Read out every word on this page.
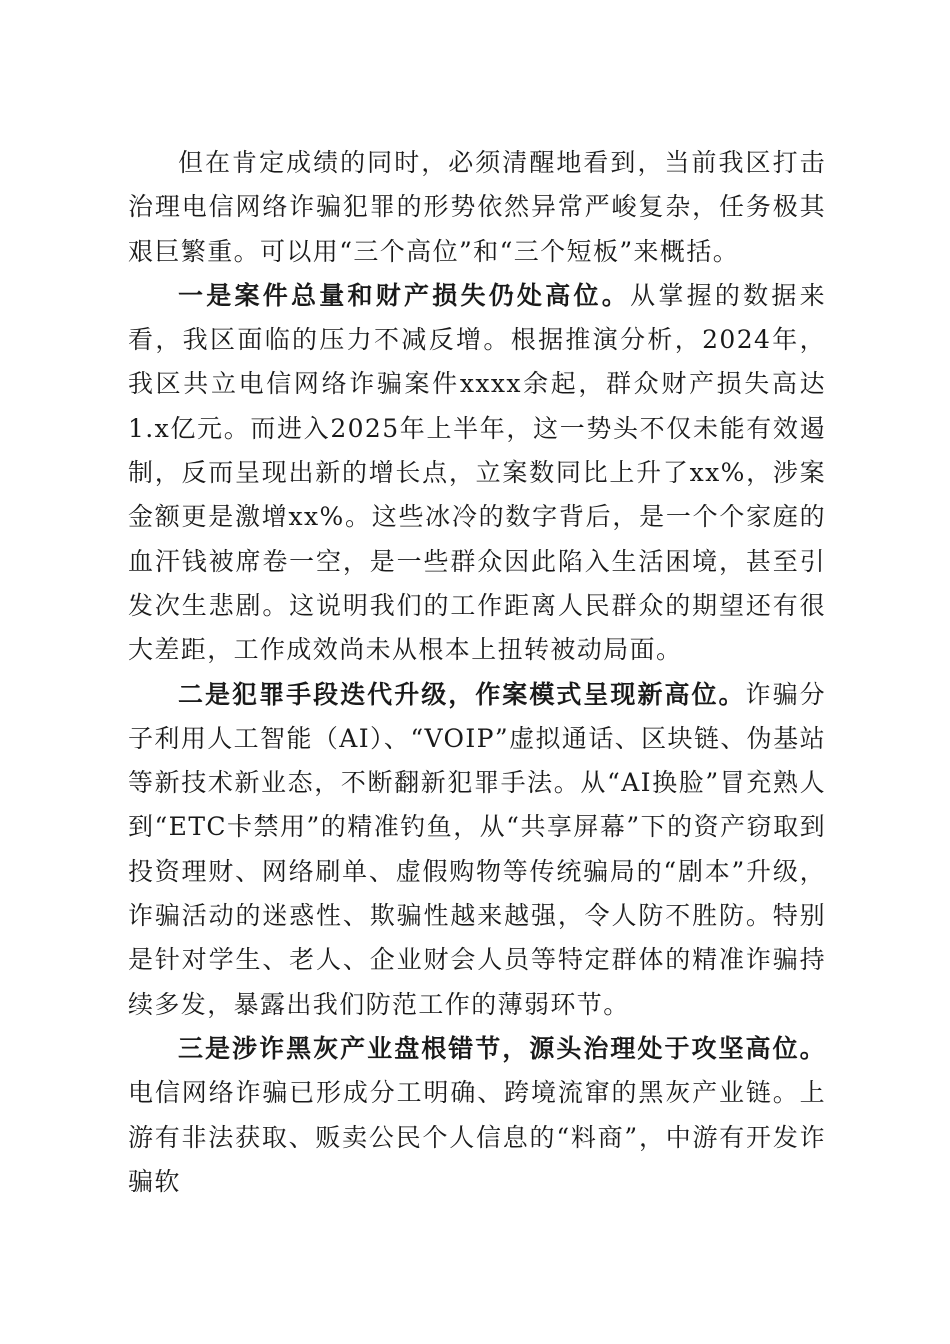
但在肯定成绩的同时，必须清醒地看到，当前我区打击治理电信网络诈骗犯罪的形势依然异常严峻复杂，任务极其艰巨繁重。可以用“三个高位”和“三个短板”来概括。

一是案件总量和财产损失仍处高位。从掌握的数据来看，我区面临的压力不减反增。根据推演分析，2024年，我区共立电信网络诈骗案件xxxx余起，群众财产损失高达1.x亿元。而进入2025年上半年，这一势头不仅未能有效遏制，反而呈现出新的增长点，立案数同比上升了xx%，涉案金额更是激增xx%。这些冰冷的数字背后，是一个个家庭的血汗钱被席卷一空，是一些群众因此陷入生活困境，甚至引发次生悲剧。这说明我们的工作距离人民群众的期望还有很大差距，工作成效尚未从根本上扭转被动局面。

二是犯罪手段迭代升级，作案模式呈现新高位。诈骗分子利用人工智能（AI）、“VOIP”虚拟通话、区块链、伪基站等新技术新业态，不断翻新犯罪手法。从“AI换脸”冒充熟人到“ETC卡禁用”的精准钓鱼，从“共享屏幕”下的资产窃取到投资理财、网络刷单、虚假购物等传统骗局的“剧本”升级，诈骗活动的迷惑性、欺骗性越来越强，令人防不胜防。特别是针对学生、老人、企业财会人员等特定群体的精准诈骗持续多发，暴露出我们防范工作的薄弱环节。

三是涉诈黑灰产业盘根错节，源头治理处于攻坚高位。电信网络诈骗已形成分工明确、跨境流窜的黑灰产业链。上游有非法获取、贩卖公民个人信息的“料商”，中游有开发诈骗软
